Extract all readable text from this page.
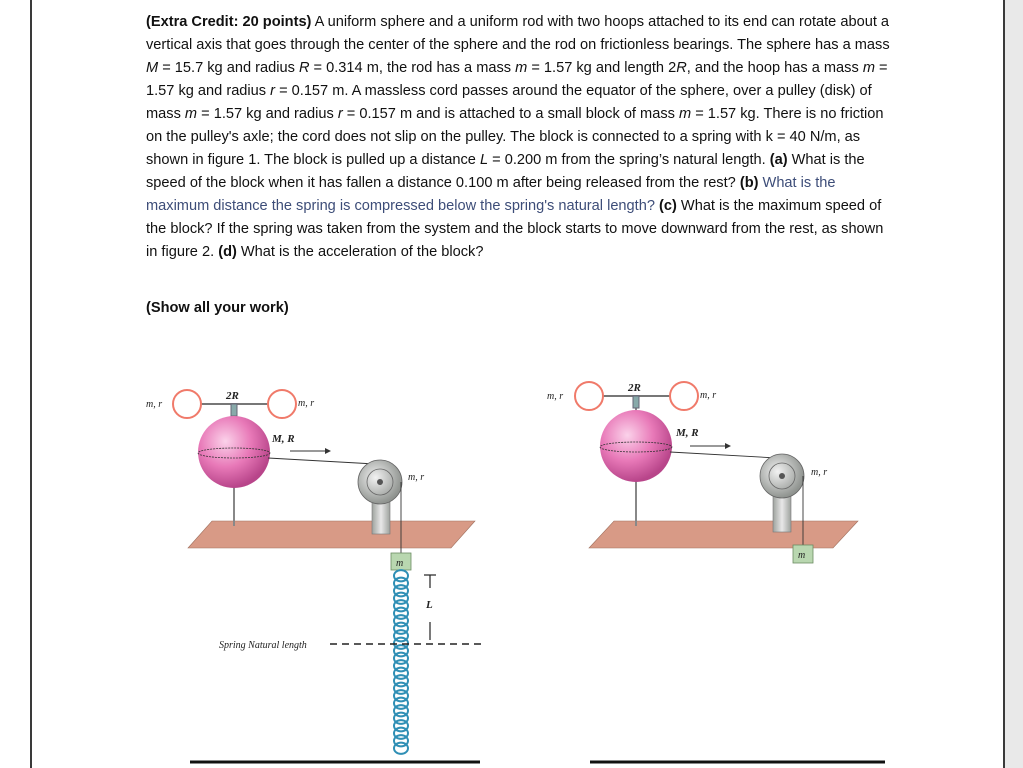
(Extra Credit: 20 points) A uniform sphere and a uniform rod with two hoops attached to its end can rotate about a vertical axis that goes through the center of the sphere and the rod on frictionless bearings. The sphere has a mass M = 15.7 kg and radius R = 0.314 m, the rod has a mass m = 1.57 kg and length 2R, and the hoop has a mass m = 1.57 kg and radius r = 0.157 m. A massless cord passes around the equator of the sphere, over a pulley (disk) of mass m = 1.57 kg and radius r = 0.157 m and is attached to a small block of mass m = 1.57 kg. There is no friction on the pulley's axle; the cord does not slip on the pulley. The block is connected to a spring with k = 40 N/m, as shown in figure 1. The block is pulled up a distance L = 0.200 m from the spring’s natural length. (a) What is the speed of the block when it has fallen a distance 0.100 m after being released from the rest? (b) What is the maximum distance the spring is compressed below the spring's natural length? (c) What is the maximum speed of the block? If the spring was taken from the system and the block starts to move downward from the rest, as shown in figure 2. (d) What is the acceleration of the block?
(Show all your work)
m, r
2R
m, r
M, R
m, r
m
L
Spring Natural length
m, r
2R
m, r
M, R
m, r
m
